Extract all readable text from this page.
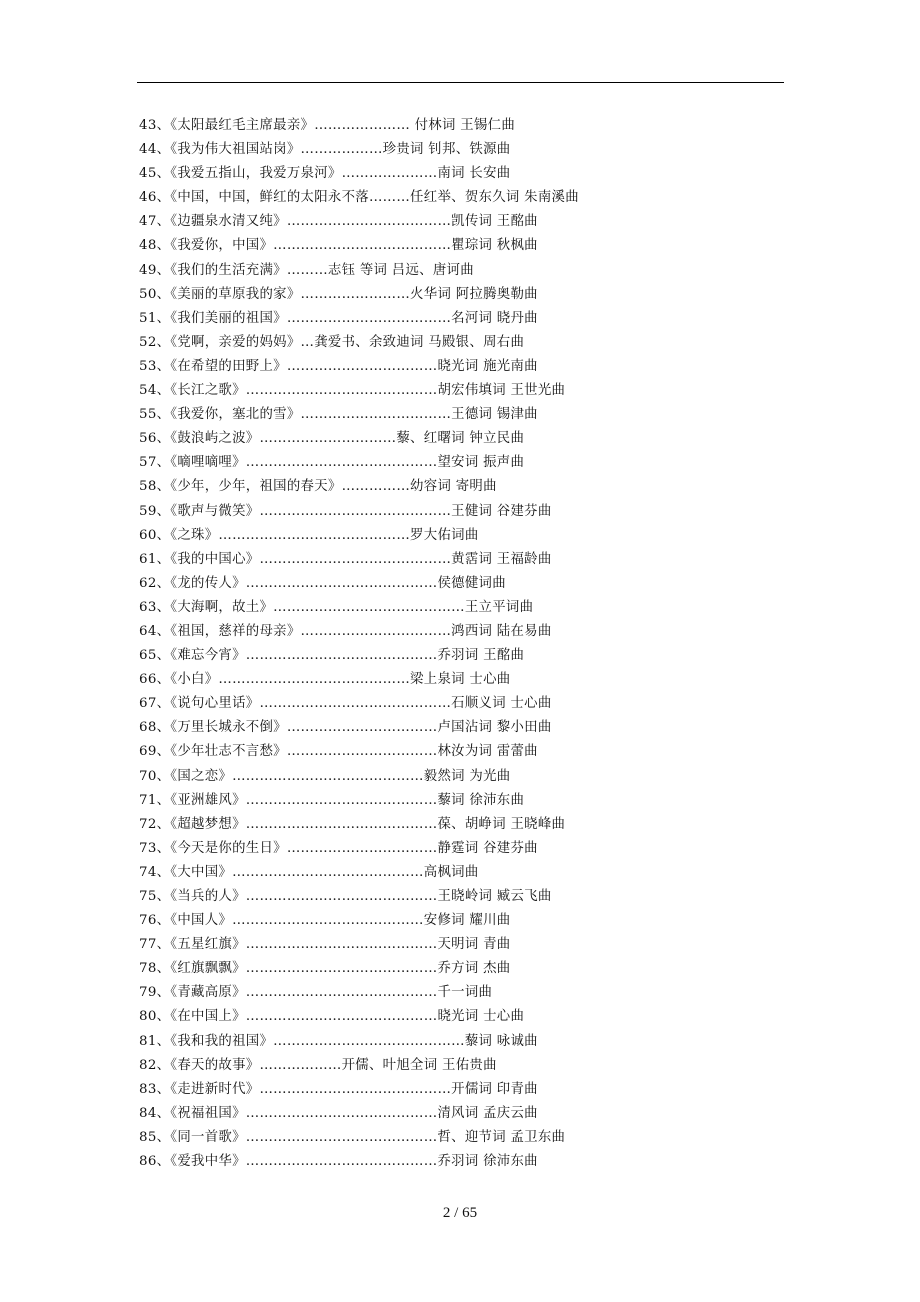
43、《太阳最红毛主席最亲》………………… 付林词 王锡仁曲
44、《我为伟大祖国站岗》………………珍贵词 钊邦、铁源曲
45、《我爱五指山，我爱万泉河》…………………南词 长安曲
46、《中国，中国，鲜红的太阳永不落………任红举、贺东久词 朱南溪曲
47、《边疆泉水清又纯》………………………………凯传词 王酩曲
48、《我爱你，中国》…………………………………瞿琮词 秋枫曲
49、《我们的生活充满》………志钰 等词 吕远、唐诃曲
50、《美丽的草原我的家》……………………火华词 阿拉腾奥勒曲
51、《我们美丽的祖国》………………………………名河词 晓丹曲
52、《党啊，亲爱的妈妈》…龚爱书、余致迪词 马殿银、周右曲
53、《在希望的田野上》……………………………晓光词 施光南曲
54、《长江之歌》……………………………………胡宏伟填词 王世光曲
55、《我爱你，塞北的雪》……………………………王德词 锡津曲
56、《鼓浪屿之波》…………………………藜、红曙词 钟立民曲
57、《嘀哩嘀哩》……………………………………望安词 振声曲
58、《少年，少年，祖国的春天》……………幼容词 寄明曲
59、《歌声与微笑》……………………………………王健词 谷建芬曲
60、《之珠》……………………………………罗大佑词曲
61、《我的中国心》……………………………………黄霑词 王福龄曲
62、《龙的传人》……………………………………侯德健词曲
63、《大海啊，故土》……………………………………王立平词曲
64、《祖国，慈祥的母亲》……………………………鸿西词 陆在易曲
65、《难忘今宵》……………………………………乔羽词 王酩曲
66、《小白》……………………………………梁上泉词 士心曲
67、《说句心里话》……………………………………石顺义词 士心曲
68、《万里长城永不倒》……………………………卢国沾词 黎小田曲
69、《少年壮志不言愁》……………………………林汝为词 雷蕾曲
70、《国之恋》……………………………………毅然词 为光曲
71、《亚洲雄风》……………………………………藜词 徐沛东曲
72、《超越梦想》……………………………………葆、胡峥词 王晓峰曲
73、《今天是你的生日》……………………………静霆词 谷建芬曲
74、《大中国》……………………………………高枫词曲
75、《当兵的人》……………………………………王晓岭词 臧云飞曲
76、《中国人》……………………………………安修词 耀川曲
77、《五星红旗》……………………………………天明词 青曲
78、《红旗飘飘》……………………………………乔方词 杰曲
79、《青藏高原》……………………………………千一词曲
80、《在中国上》……………………………………晓光词 士心曲
81、《我和我的祖国》……………………………………藜词 咏诚曲
82、《春天的故事》………………开儒、叶旭全词 王佑贵曲
83、《走进新时代》……………………………………开儒词 印青曲
84、《祝福祖国》……………………………………清风词 孟庆云曲
85、《同一首歌》……………………………………哲、迎节词 孟卫东曲
86、《爱我中华》……………………………………乔羽词 徐沛东曲
2 / 65
